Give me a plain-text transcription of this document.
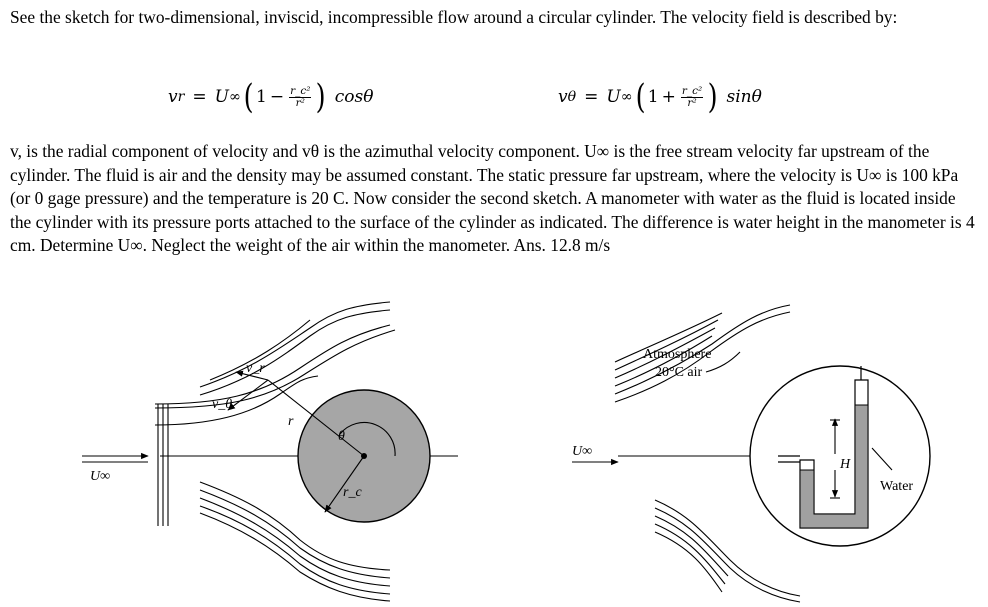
See the sketch for two-dimensional, inviscid, incompressible flow around a circular cylinder. The velocity field is described by:
v r = U ∞ ( $1 - \frac{\text{r\_c²}}{\text{r²}}$ ) cosθ	v θ = U ∞ ( $1 + \frac{\text{r\_c²}}{\text{r²}}$ ) sinθ
v, is the radial component of velocity and vθ is the azimuthal velocity component. U∞ is the free stream velocity far upstream of the cylinder. The fluid is air and the density may be assumed constant. The static pressure far upstream, where the velocity is U∞ is 100 kPa (or 0 gage pressure) and the temperature is 20 C. Now consider the second sketch. A manometer with water as the fluid is located inside the cylinder with its pressure ports attached to the surface of the cylinder as indicated. The difference is water height in the manometer is 4 cm. Determine U∞. Neglect the weight of the air within the manometer. Ans. 12.8 m/s
U∞
v_r
v_θ
r
θ
r_c
Atmosphere
20°C air
U∞
H
Water
